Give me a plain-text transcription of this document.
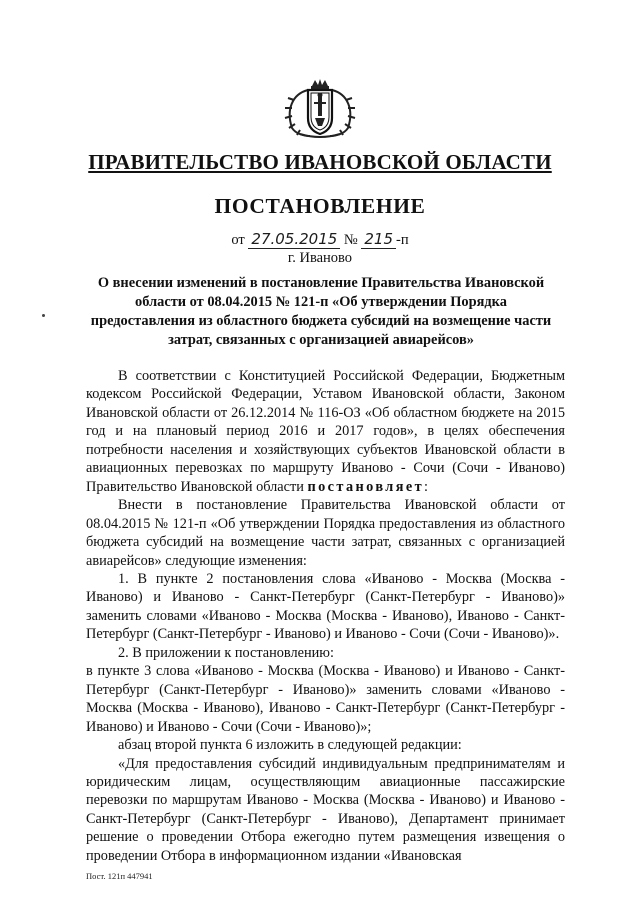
ПРАВИТЕЛЬСТВО ИВАНОВСКОЙ ОБЛАСТИ
ПОСТАНОВЛЕНИЕ
от 27.05.2015 № 215 -п
г. Иваново
О внесении изменений в постановление Правительства Ивановской области от 08.04.2015 № 121-п «Об утверждении Порядка предоставления из областного бюджета субсидий на возмещение части затрат, связанных с организацией авиарейсов»

В соответствии с Конституцией Российской Федерации, Бюджетным кодексом Российской Федерации, Уставом Ивановской области, Законом Ивановской области от 26.12.2014 № 116-ОЗ «Об областном бюджете на 2015 год и на плановый период 2016 и 2017 годов», в целях обеспечения потребности населения и хозяйствующих субъектов Ивановской области в авиационных перевозках по маршруту Иваново - Сочи (Сочи - Иваново) Правительство Ивановской области постановляет:

Внести в постановление Правительства Ивановской области от 08.04.2015 № 121-п «Об утверждении Порядка предоставления из областного бюджета субсидий на возмещение части затрат, связанных с организацией авиарейсов» следующие изменения:

1. В пункте 2 постановления слова «Иваново - Москва (Москва - Иваново) и Иваново - Санкт-Петербург (Санкт-Петербург - Иваново)» заменить словами «Иваново - Москва (Москва - Иваново), Иваново - Санкт-Петербург (Санкт-Петербург - Иваново) и Иваново - Сочи (Сочи - Иваново)».

2. В приложении к постановлению:

в пункте 3 слова «Иваново - Москва (Москва - Иваново) и Иваново - Санкт-Петербург (Санкт-Петербург - Иваново)» заменить словами «Иваново - Москва (Москва - Иваново), Иваново - Санкт-Петербург (Санкт-Петербург - Иваново) и Иваново - Сочи (Сочи - Иваново)»;

абзац второй пункта 6 изложить в следующей редакции:

«Для предоставления субсидий индивидуальным предпринимателям и юридическим лицам, осуществляющим авиационные пассажирские перевозки по маршрутам Иваново - Москва (Москва - Иваново) и Иваново - Санкт-Петербург (Санкт-Петербург - Иваново), Департамент принимает решение о проведении Отбора ежегодно путем размещения извещения о проведении Отбора в информационном издании «Ивановская

Пост. 121п 447941
